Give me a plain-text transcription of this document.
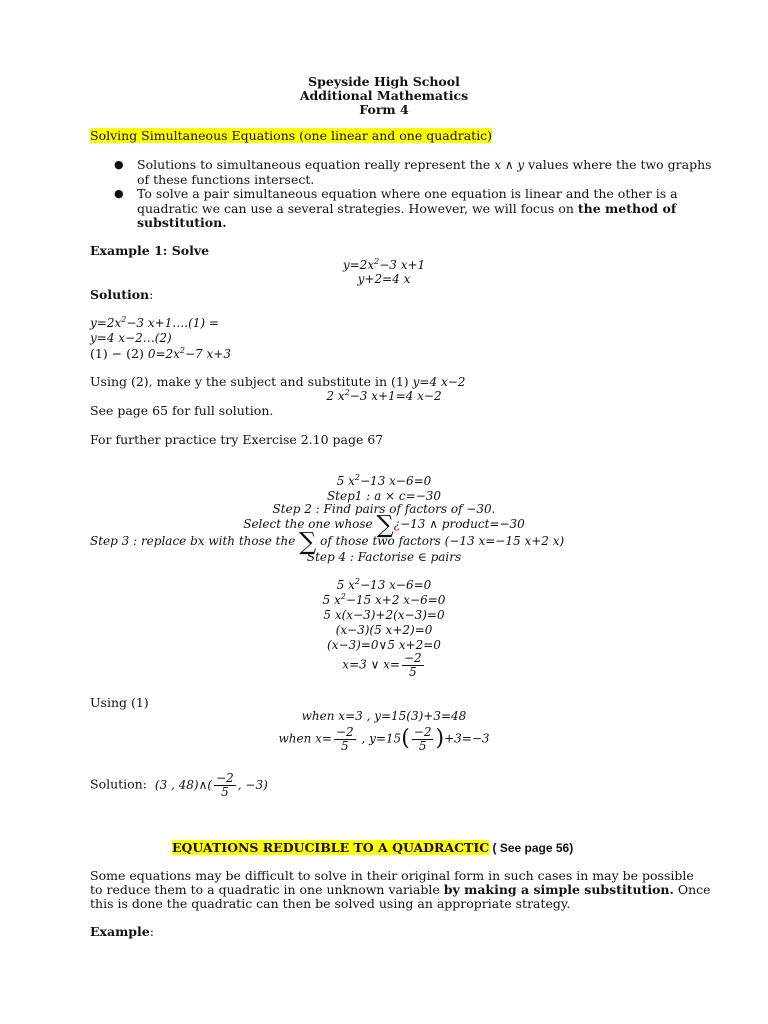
Speyside High School
Additional Mathematics
Form 4
Solving Simultaneous Equations (one linear and one quadratic)
● Solutions to simultaneous equation really represent the x ∧ y values where the two graphs
of these functions intersect.
● To solve a pair simultaneous equation where one equation is linear and the other is a
quadratic we can use a several strategies. However, we will focus on the method of
substitution.
Example 1: Solve
$y=2x^2-3$ x+1
y+2=4 x
Solution:
$y=2x^2-3$ x+1….(1) =
y=4 x−2…(2)
(1) − (2) $0=2x^2-7$ x+3
Using (2), make y the subject and substitute in (1) y=4 x−2
2 $x^2-3$ x+1=4 x−2
See page 65 for full solution.
For further practice try Exercise 2.10 page 67
5 $x^2-13$ x−6=0
Step1 : a × c=−30
Step 2 : Find pairs of factors of −30.
Select the one whose ∑¿−13 ∧ product=−30
Step 3 : replace bx with those the ∑ of those two factors (−13 x=−15 x+2 x)
Step 4 : Factorise ∈ pairs
5 $x^2-13$ x−6=0
5 $x^2-15$ x+2 x−6=0
5 x(x−3)+2(x−3)=0
(x−3)(5 x+2)=0
(x−3)=0∨5 x+2=0
x=3 ∨ $x= \frac{-2}{5}$
Using (1)
when x=3 , y=15(3)+3=48
when $x= \frac{-2}{5}$ , $y=15( \frac{-2}{5} )+3=-3$
Solution: (3 , 48)∧( $\frac{-2}{5}$ , −3)
EQUATIONS REDUCIBLE TO A QUADRACTIC ( See page 56)
Some equations may be difficult to solve in their original form in such cases in may be possible
to reduce them to a quadratic in one unknown variable by making a simple substitution. Once
this is done the quadratic can then be solved using an appropriate strategy.
Example:
